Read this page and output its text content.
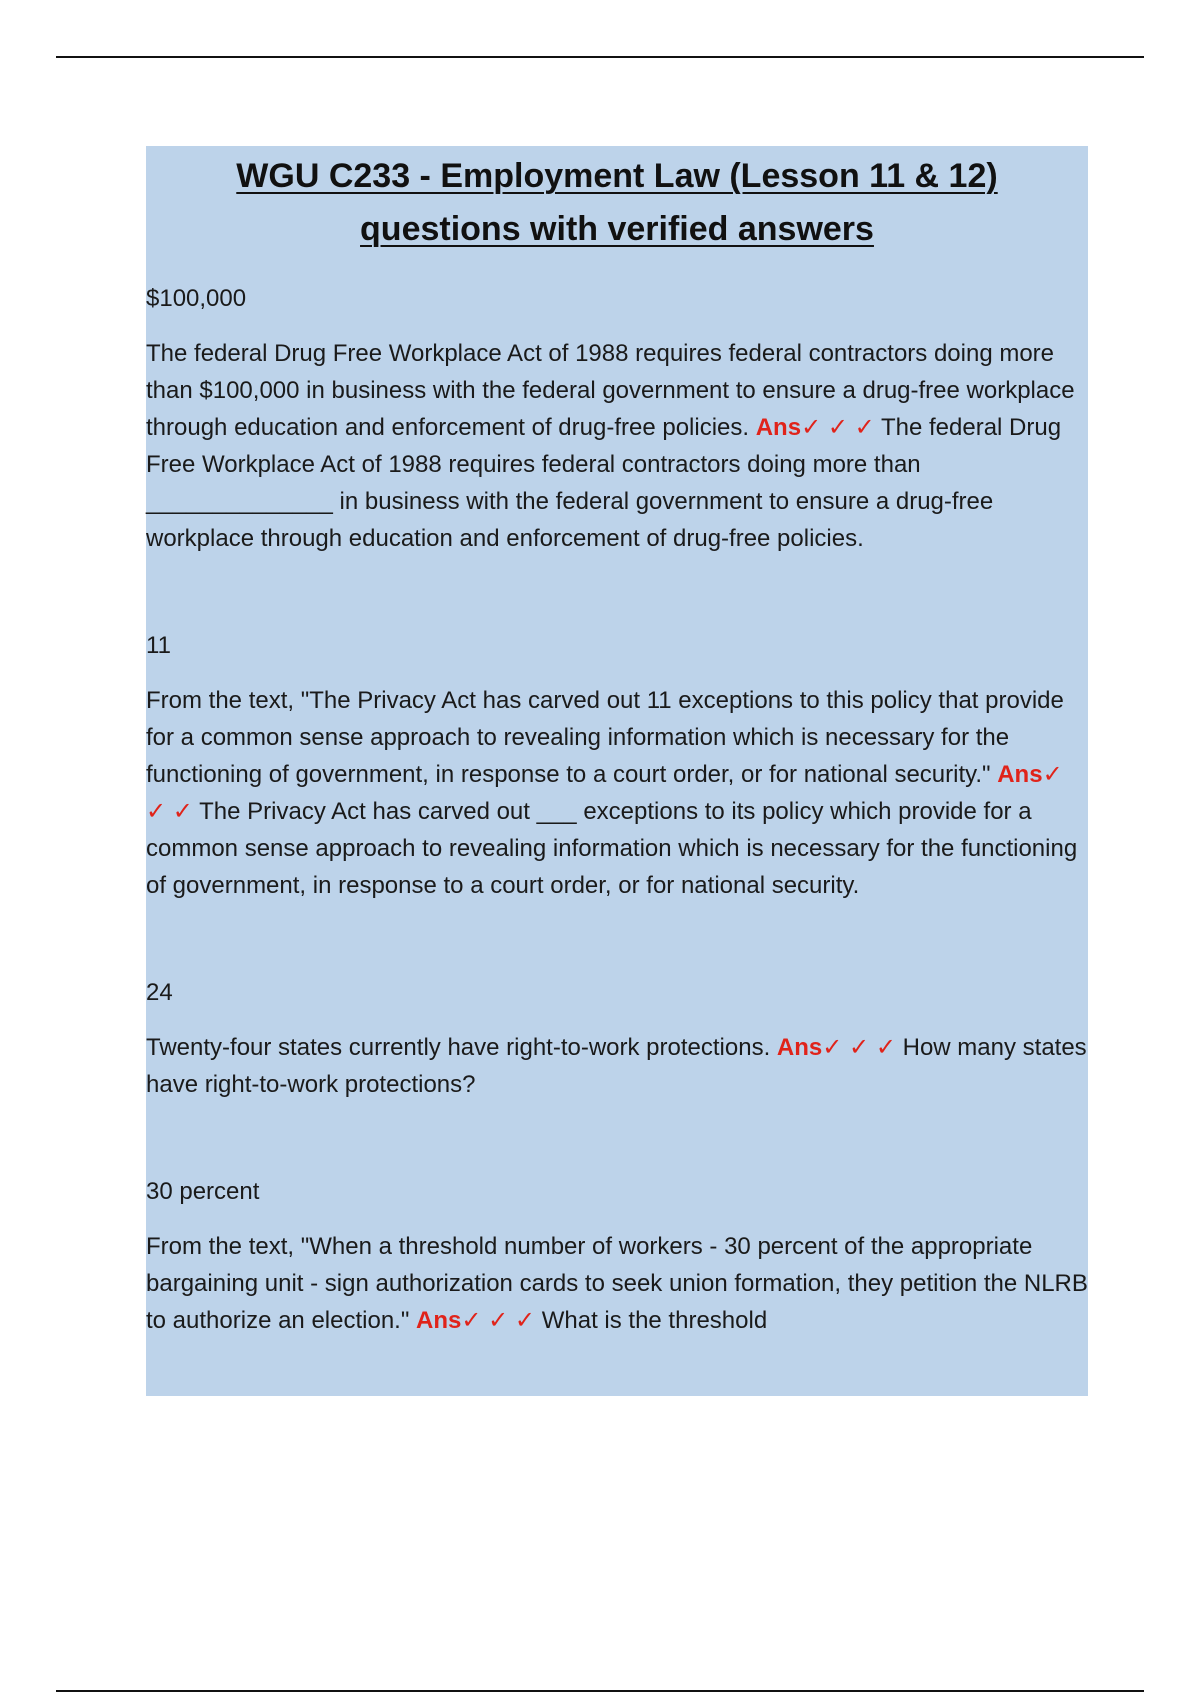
WGU C233 - Employment Law (Lesson 11 & 12)
questions with verified answers

$100,000

The federal Drug Free Workplace Act of 1988 requires federal contractors doing more than $100,000 in business with the federal government to ensure a drug-free workplace through education and enforcement of drug-free policies. Ans✓ ✓ ✓ The federal Drug Free Workplace Act of 1988 requires federal contractors doing more than ______________ in business with the federal government to ensure a drug-free workplace through education and enforcement of drug-free policies.

11

From the text, "The Privacy Act has carved out 11 exceptions to this policy that provide for a common sense approach to revealing information which is necessary for the functioning of government, in response to a court order, or for national security." Ans✓ ✓ ✓ The Privacy Act has carved out ___ exceptions to its policy which provide for a common sense approach to revealing information which is necessary for the functioning of government, in response to a court order, or for national security.

24

Twenty-four states currently have right-to-work protections. Ans✓ ✓ ✓ How many states have right-to-work protections?

30 percent

From the text, "When a threshold number of workers - 30 percent of the appropriate bargaining unit - sign authorization cards to seek union formation, they petition the NLRB to authorize an election." Ans✓ ✓ ✓ What is the threshold
